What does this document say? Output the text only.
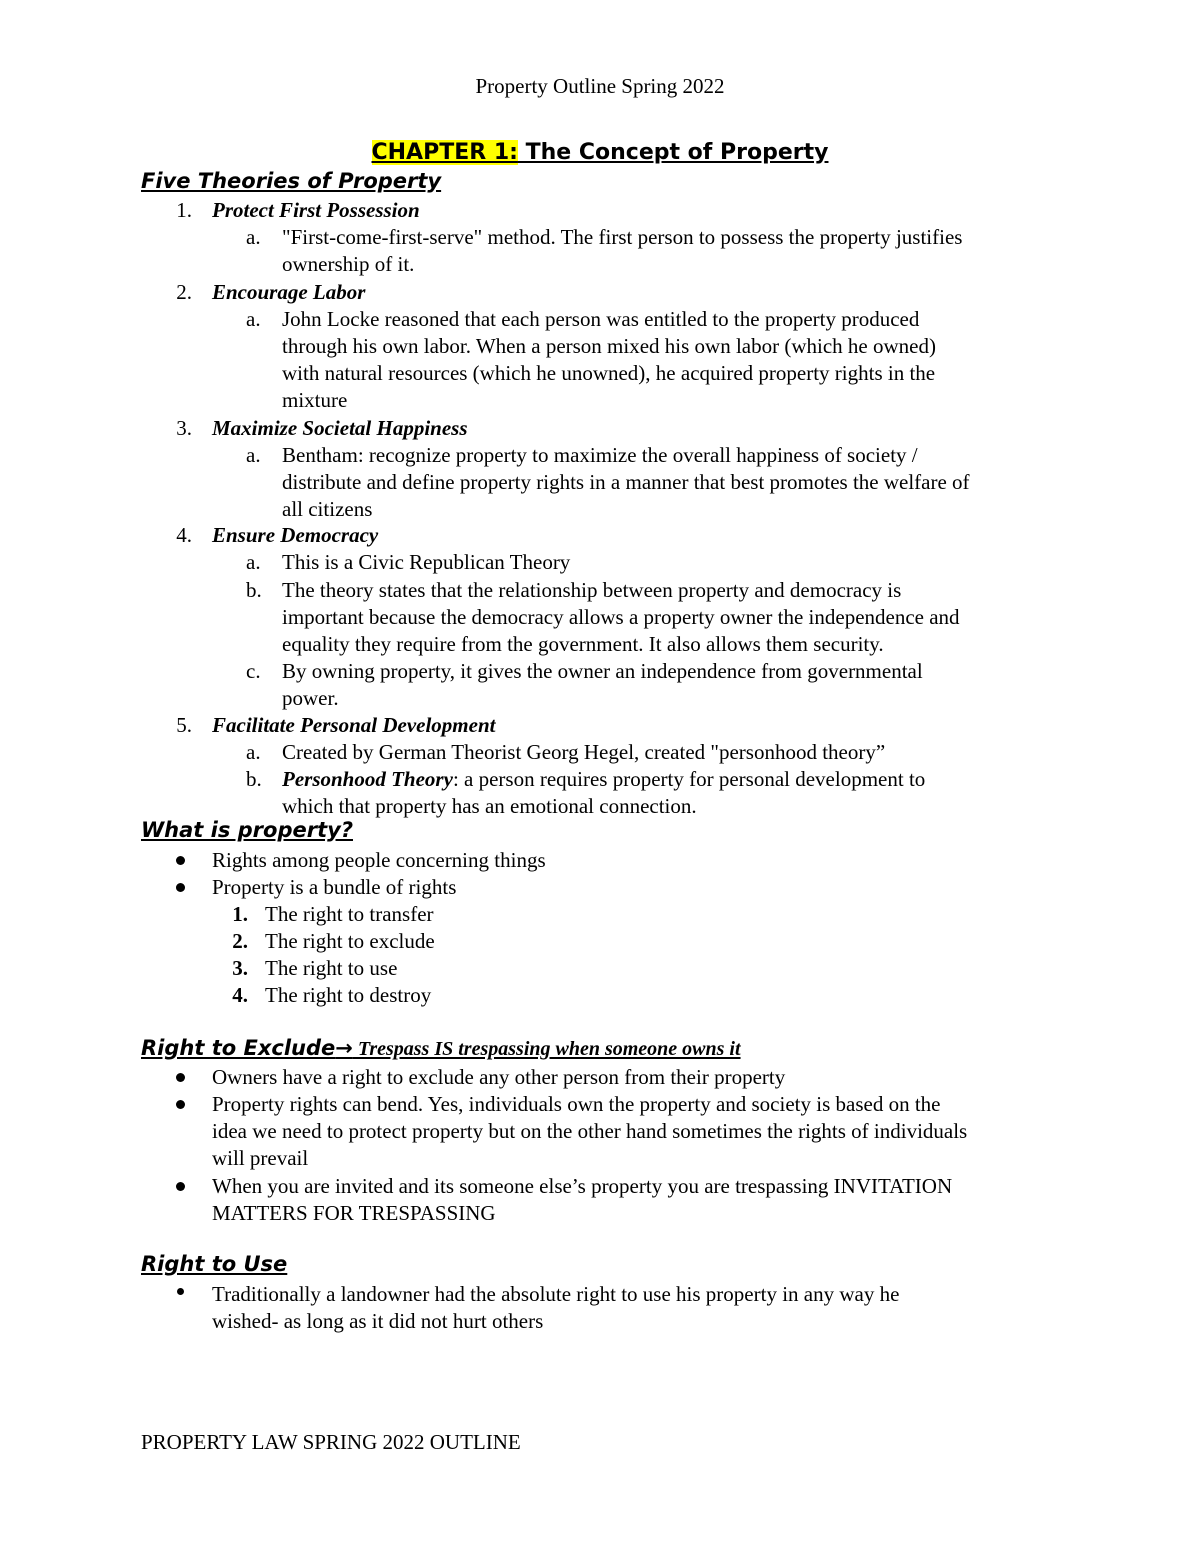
Property Outline Spring 2022
CHAPTER 1: The Concept of Property
Five Theories of Property
1. Protect First Possession
a. "First-come-first-serve" method. The first person to possess the property justifies
ownership of it.
2. Encourage Labor
a. John Locke reasoned that each person was entitled to the property produced
through his own labor. When a person mixed his own labor (which he owned)
with natural resources (which he unowned), he acquired property rights in the
mixture
3. Maximize Societal Happiness
a. Bentham: recognize property to maximize the overall happiness of society /
distribute and define property rights in a manner that best promotes the welfare of
all citizens
4. Ensure Democracy
a. This is a Civic Republican Theory
b. The theory states that the relationship between property and democracy is
important because the democracy allows a property owner the independence and
equality they require from the government. It also allows them security.
c. By owning property, it gives the owner an independence from governmental
power.
5. Facilitate Personal Development
a. Created by German Theorist Georg Hegel, created "personhood theory”
b. Personhood Theory: a person requires property for personal development to
which that property has an emotional connection.
What is property?
Rights among people concerning things
Property is a bundle of rights
1. The right to transfer
2. The right to exclude
3. The right to use
4. The right to destroy
Right to Exclude→ Trespass IS trespassing when someone owns it
Owners have a right to exclude any other person from their property
Property rights can bend. Yes, individuals own the property and society is based on the
idea we need to protect property but on the other hand sometimes the rights of individuals
will prevail
When you are invited and its someone else’s property you are trespassing INVITATION
MATTERS FOR TRESPASSING
Right to Use
Traditionally a landowner had the absolute right to use his property in any way he
wished- as long as it did not hurt others
PROPERTY LAW SPRING 2022 OUTLINE
